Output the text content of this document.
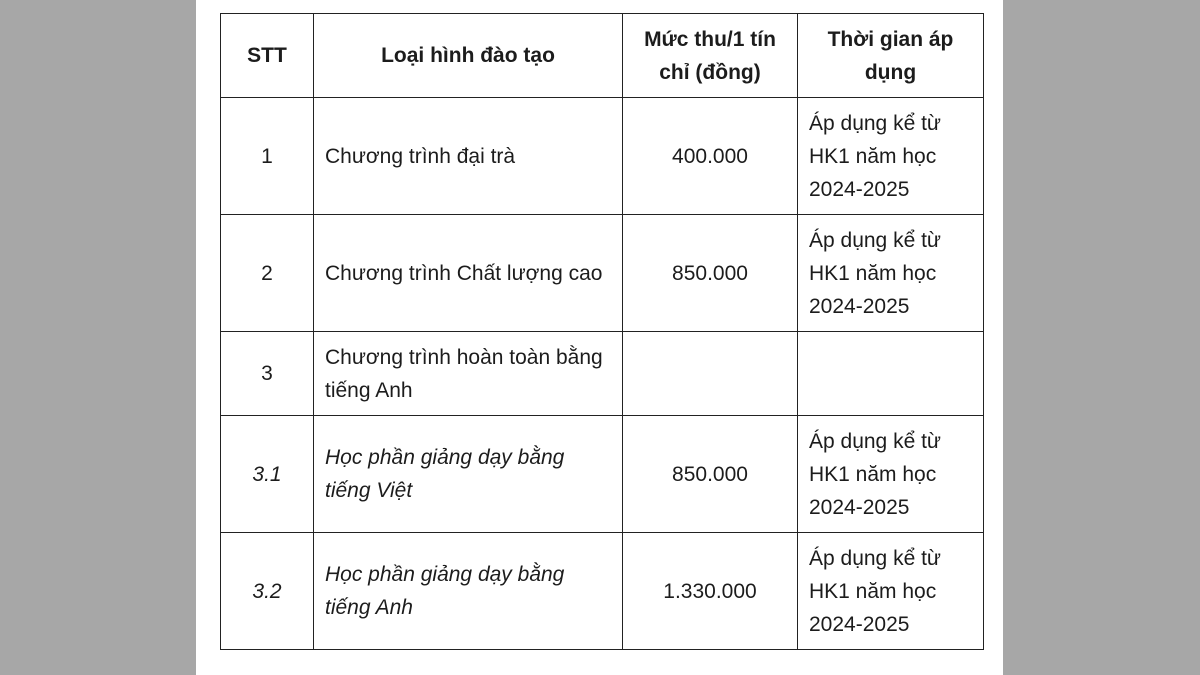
STT	Loại hình đào tạo	Mức thu/1 tín chỉ (đồng)	Thời gian áp dụng
1	Chương trình đại trà	400.000	Áp dụng kể từ HK1 năm học 2024-2025
2	Chương trình Chất lượng cao	850.000	Áp dụng kể từ HK1 năm học 2024-2025
3	Chương trình hoàn toàn bằng tiếng Anh		
3.1	Học phần giảng dạy bằng tiếng Việt	850.000	Áp dụng kể từ HK1 năm học 2024-2025
3.2	Học phần giảng dạy bằng tiếng Anh	1.330.000	Áp dụng kể từ HK1 năm học 2024-2025
